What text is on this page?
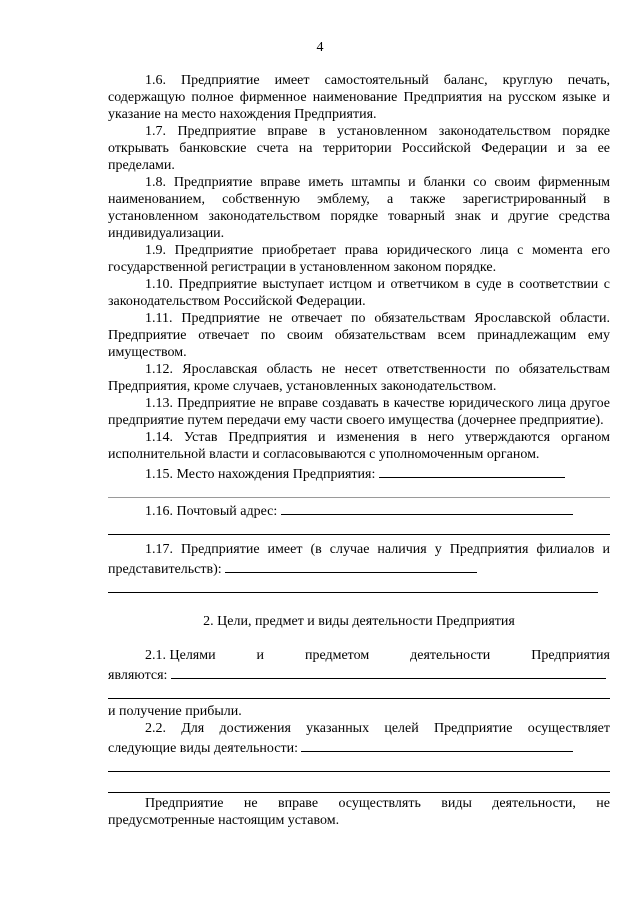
4

1.6. Предприятие имеет самостоятельный баланс, круглую печать, содержащую полное фирменное наименование Предприятия на русском языке и указание на место нахождения Предприятия.

1.7. Предприятие вправе в установленном законодательством порядке открывать банковские счета на территории Российской Федерации и за ее пределами.

1.8. Предприятие вправе иметь штампы и бланки со своим фирменным наименованием, собственную эмблему, а также зарегистрированный в установленном законодательством порядке товарный знак и другие средства индивидуализации.

1.9. Предприятие приобретает права юридического лица с момента его государственной регистрации в установленном законом порядке.

1.10. Предприятие выступает истцом и ответчиком в суде в соответствии с законодательством Российской Федерации.

1.11. Предприятие не отвечает по обязательствам Ярославской области. Предприятие отвечает по своим обязательствам всем принадлежащим ему имуществом.

1.12. Ярославская область не несет ответственности по обязательствам Предприятия, кроме случаев, установленных законодательством.

1.13. Предприятие не вправе создавать в качестве юридического лица другое предприятие путем передачи ему части своего имущества (дочернее предприятие).

1.14. Устав Предприятия и изменения в него утверждаются органом исполнительной власти и согласовываются с уполномоченным органом.

1.15. Место нахождения Предприятия:

1.16. Почтовый адрес:

1.17. Предприятие имеет (в случае наличия у Предприятия филиалов и представительств):

2. Цели, предмет и виды деятельности Предприятия

2.1. Целями	и	предметом	деятельности	Предприятия
являются:
и получение прибыли.

2.2. Для достижения указанных целей Предприятие осуществляет следующие виды деятельности:

Предприятие не вправе осуществлять виды деятельности, не предусмотренные настоящим уставом.
